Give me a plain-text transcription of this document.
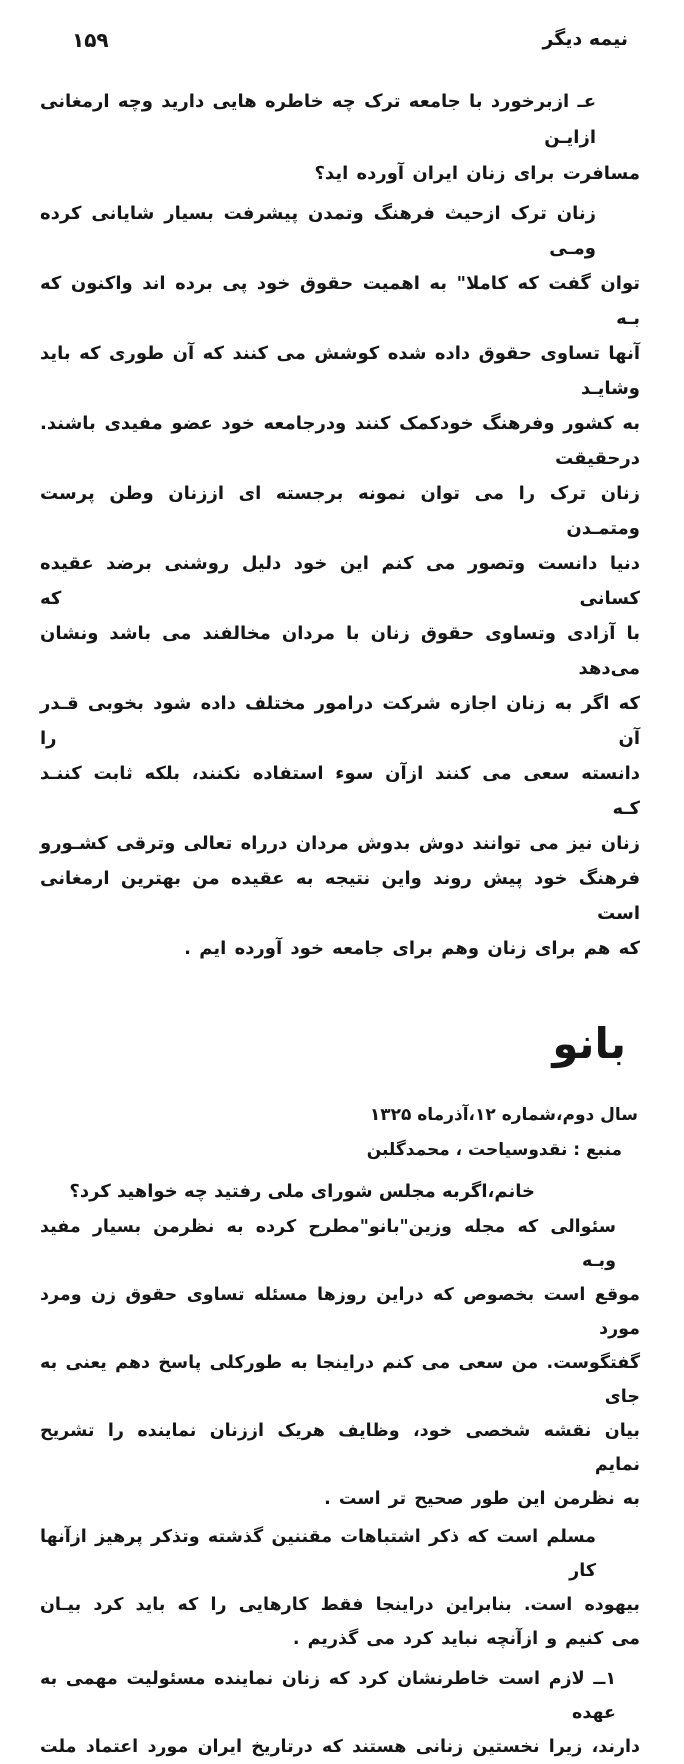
۱۵۹	نیمه دیگر
عـ ازبرخورد با جامعه ترک چه خاطره هایی دارید وچه ارمغانی ازایـن
مسافرت برای زنان ایران آورده اید؟
زنان ترک ازحیث فرهنگ وتمدن پیشرفت بسیار شایانی کرده ومـی
توان گفت که کاملا" به اهمیت حقوق خود پی برده اند واکنون که بـه
آنها تساوی حقوق داده شده کوشش می کنند که آن طوری که باید وشایـد
به کشور وفرهنگ خودکمک کنند ودرجامعه خود عضو مفیدی باشند. درحقیقت
زنان ترک را می توان نمونه برجسته ای اززنان وطن پرست ومتمـدن
دنیا دانست وتصور می کنم این خود دلیل روشنی برضد عقیده کسانی که
با آزادی وتساوی حقوق زنان با مردان مخالفند می باشد ونشان می‌دهد
که اگر به زنان اجازه شرکت درامور مختلف داده شود بخوبی قـدر آن را
دانسته سعی می کنند ازآن سوء استفاده نکنند، بلکه ثابت کننـد کـه
زنان نیز می توانند دوش بدوش مردان درراه تعالی وترقی کشـورو
فرهنگ خود پیش روند واین نتیجه به عقیده من بهترین ارمغانی است
که هم برای زنان وهم برای جامعه خود آورده ایم .
بانو
سال دوم،شماره ۱۲،آذرماه ۱۳۲۵
منبع : نقدوسیاحت ، محمدگلبن
خانم،اگربه مجلس شورای ملی رفتید چه خواهید کرد؟
سئوالی که مجله وزین"بانو"مطرح کرده به نظرمن بسیار مفید وبـه
موقع است بخصوص که دراین روزها مسئله تساوی حقوق زن ومرد مورد
گفتگوست. من سعی می کنم دراینجا به طورکلی پاسخ دهم یعنی به جای
بیان نقشه شخصی خود، وظایف هریک اززنان نماینده را تشریح نمایم
به نظرمن این طور صحیح تر است .
مسلم است که ذکر اشتباهات مقننین گذشته وتذکر پرهیز ازآنها کار
بیهوده است. بنابراین دراینجا فقط کارهایی را که باید کرد بیـان
می کنیم و ازآنچه نباید کرد می گذریم .
۱ــ لازم است خاطرنشان کرد که زنان نماینده مسئولیت مهمی به عهده
دارند، زیرا نخستین زنانی هستند که درتاریخ ایران مورد اعتماد ملت
